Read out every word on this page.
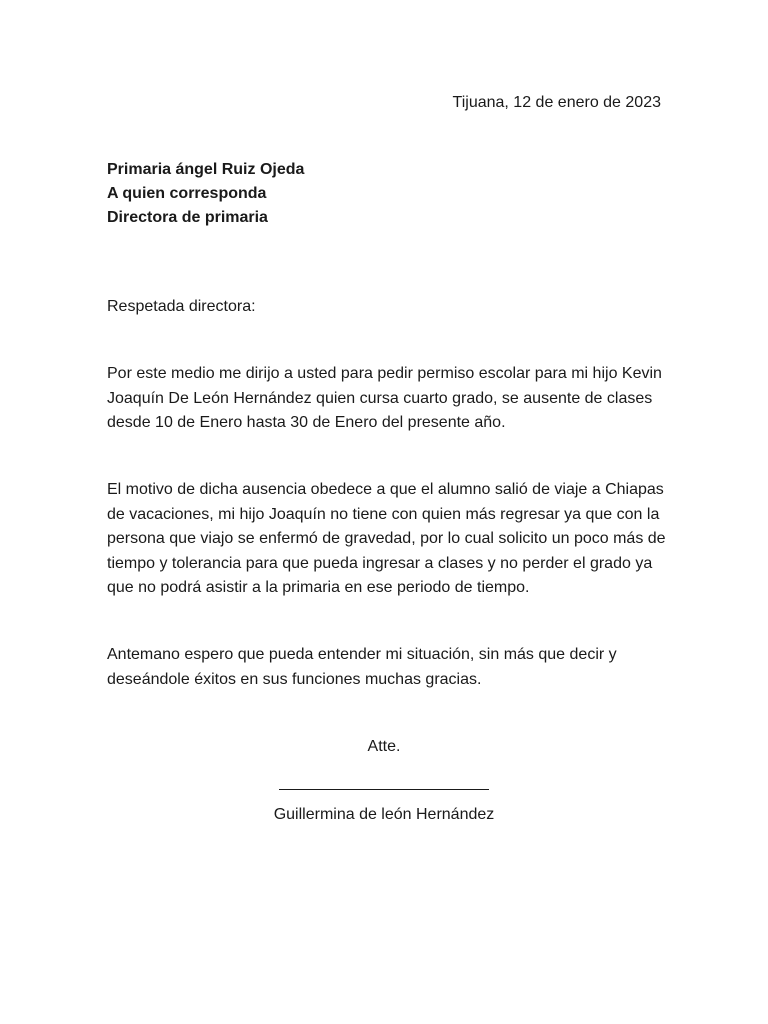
Tijuana, 12 de enero de 2023
Primaria ángel Ruiz Ojeda
A quien corresponda
Directora de primaria
Respetada directora:

Por este medio me dirijo a usted para pedir permiso escolar para mi hijo Kevin Joaquín De León Hernández quien cursa cuarto grado, se ausente de clases desde 10 de Enero hasta 30 de Enero del presente año.

El motivo de dicha ausencia obedece a que el alumno salió de viaje a Chiapas de vacaciones, mi hijo Joaquín no tiene con quien más regresar ya que con la persona que viajo se enfermó de gravedad, por lo cual solicito un poco más de tiempo y tolerancia para que pueda ingresar a clases y no perder el grado ya que no podrá asistir a la primaria en ese periodo de tiempo.

Antemano espero que pueda entender mi situación, sin más que decir y deseándole éxitos en sus funciones muchas gracias.

Atte.
Guillermina de león Hernández
